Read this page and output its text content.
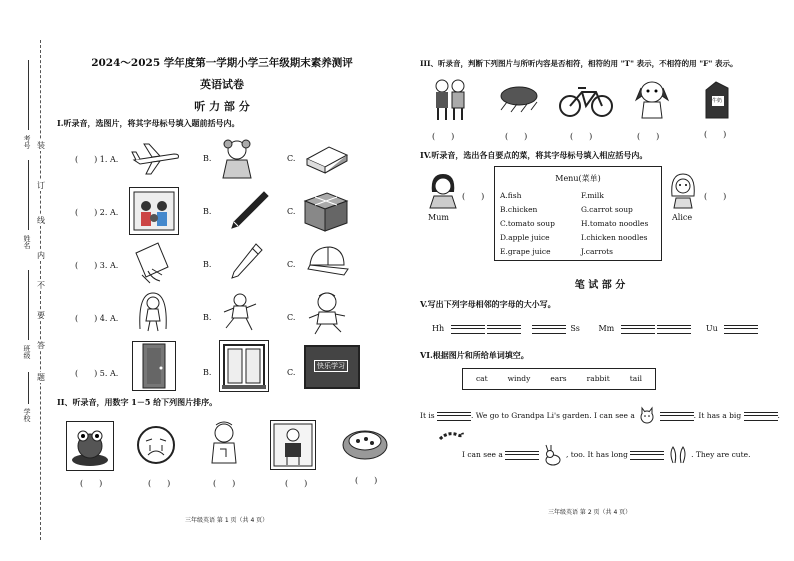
考号
姓名
班级
学校
装
订
线
内
不
要
答
题
2024～2025 学年度第一学期小学三年级期末素养测评
英语试卷
听 力 部 分
I.听录音，选图片，将其字母标号填入题前括号内。
(　　) 1. A.	B.	C.
(　　) 2. A.	B.	C.
(　　) 3. A.	B.	C.
(　　) 4. A.	B.	C.
(　　) 5. A.	B.	C.
快乐学习
II、听录音，用数字 1－5 给下列图片排序。
(　　)	(　　)	(　　)	(　　)	(　　)
三年级英语 第 1 页（共 4 页）
III、听录音，判断下列图片与所听内容是否相符，相符的用 "T" 表示，不相符的用 "F" 表示。
牛奶
(　　)	(　　)	(　　)	(　　)	(　　)
IV.听录音，选出各自要点的菜，将其字母标号填入相应括号内。
Mum
(　　)
Menu(菜单)
A.fish
B.chicken
C.tomato soup
D.apple juice
E.grape juice
F.milk
G.carrot soup
H.tomato noodles
I.chicken noodles
J.carrots
Alice
(　　)
笔 试 部 分
V.写出下列字母相邻的字母的大小写。
Hh	Ss Mm	Uu
VI.根据图片和所给单词填空。
cat	windy	ears	rabbit	tail
It is	. We go to Grandpa Li's garden. I can see a	. It has a big	.
I can see a	, too. It has long	. They are cute.
三年级英语 第 2 页（共 4 页）
